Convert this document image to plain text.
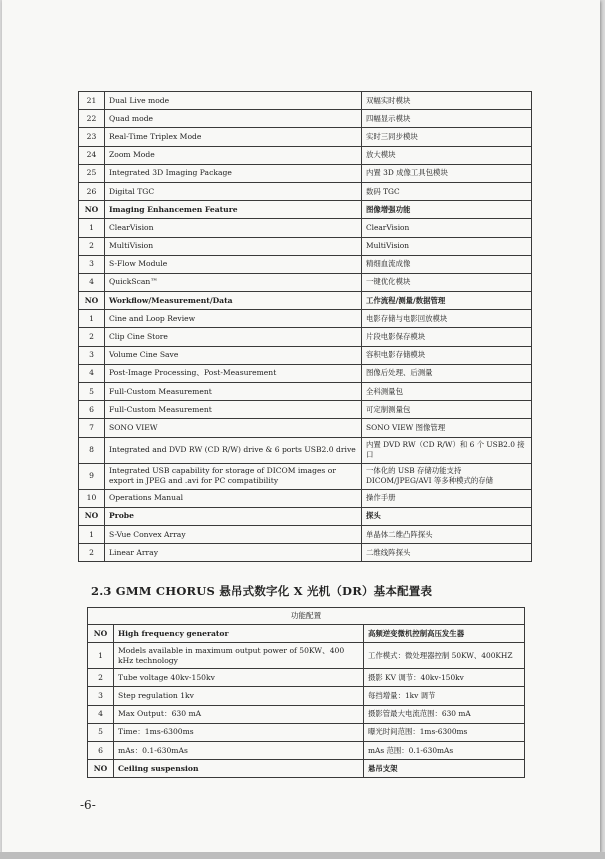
21	Dual Live mode	双幅实时模块
22	Quad mode	四幅显示模块
23	Real-Time Triplex Mode	实时三同步模块
24	Zoom Mode	放大模块
25	Integrated 3D Imaging Package	内置 3D 成像工具包模块
26	Digital TGC	数码 TGC
NO	Imaging Enhancemen Feature	图像增强功能
1	ClearVision	ClearVision
2	MultiVision	MultiVision
3	S-Flow Module	精细血流成像
4	QuickScan™	一键优化模块
NO	Workflow/Measurement/Data	工作流程/测量/数据管理
1	Cine and Loop Review	电影存储与电影回放模块
2	Clip Cine Store	片段电影保存模块
3	Volume Cine Save	容积电影存储模块
4	Post-Image Processing、Post-Measurement	图像后处理、后测量
5	Full-Custom Measurement	全科测量包
6	Full-Custom Measurement	可定制测量包
7	SONO VIEW	SONO VIEW 图像管理
8	Integrated and DVD RW (CD R/W) drive & 6 ports USB2.0 drive	内置 DVD RW（CD R/W）和 6 个 USB2.0 接口
9	Integrated USB capability for storage of DICOM images or export in JPEG and .avi for PC compatibility	一体化的 USB 存储功能支持 DICOM/JPEG/AVI 等多种模式的存储
10	Operations Manual	操作手册
NO	Probe	探头
1	S-Vue Convex Array	单晶体二维凸阵探头
2	Linear Array	二维线阵探头
2.3 GMM CHORUS 悬吊式数字化 X 光机（DR）基本配置表
功能配置		
NO	High frequency generator	高频逆变微机控制高压发生器
1	Models available in maximum output power of 50KW、400 kHz technology	工作模式：微处理器控制 50KW、400KHZ
2	Tube voltage 40kv-150kv	摄影 KV 调节：40kv-150kv
3	Step regulation 1kv	每挡增量：1kv 调节
4	Max Output：630 mA	摄影管最大电流范围：630 mA
5	Time：1ms-6300ms	曝光时间范围：1ms-6300ms
6	mAs：0.1-630mAs	mAs 范围：0.1-630mAs
NO	Ceiling suspension	悬吊支架
-6-
